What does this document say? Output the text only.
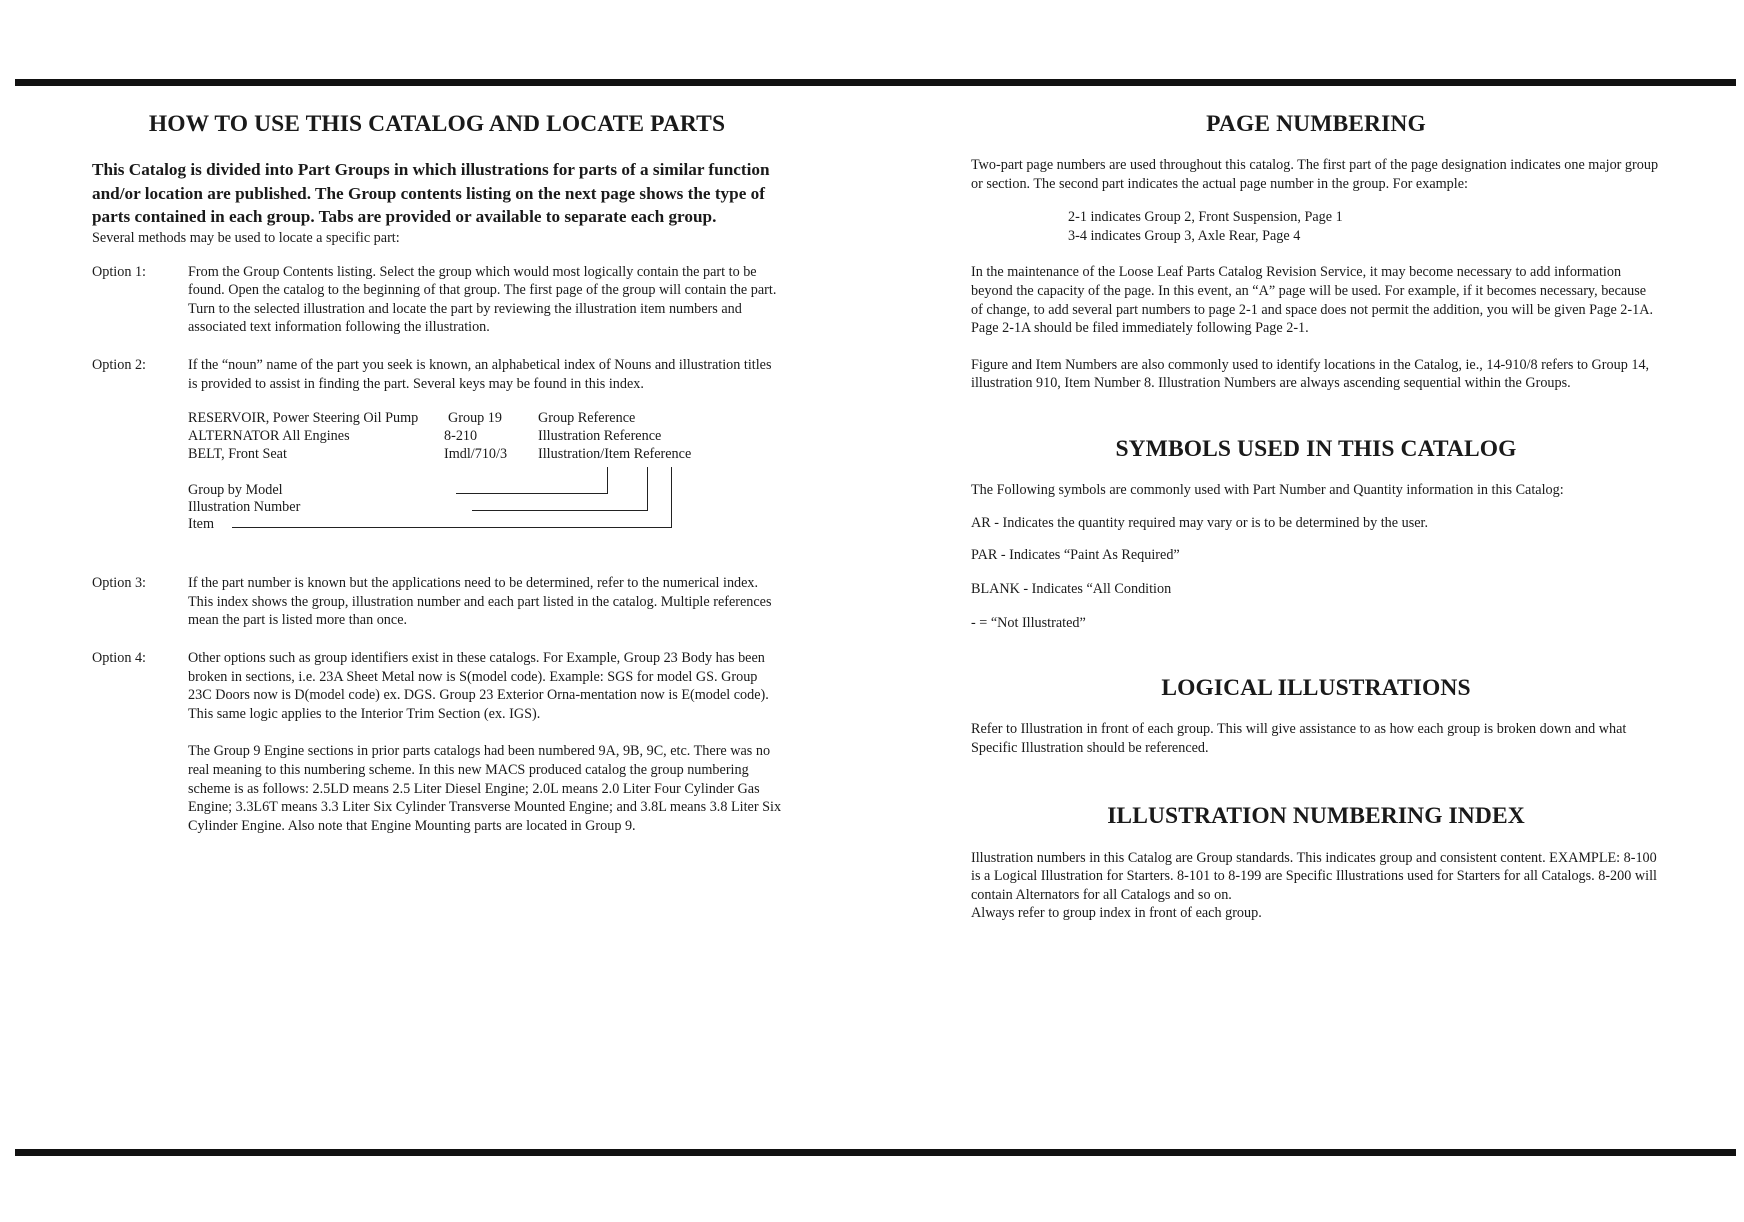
HOW TO USE THIS CATALOG AND LOCATE PARTS

This Catalog is divided into Part Groups in which illustrations for parts of a similar function and/or location are published. The Group contents listing on the next page shows the type of parts contained in each group. Tabs are provided or available to separate each group.

Several methods may be used to locate a specific part:

Option 1:	From the Group Contents listing. Select the group which would most logically contain the part to be found. Open the catalog to the beginning of that group. The first page of the group will contain the part. Turn to the selected illustration and locate the part by reviewing the illustration item numbers and associated text information following the illustration.
Option 2:	If the “noun” name of the part you seek is known, an alphabetical index of Nouns and illustration titles is provided to assist in finding the part. Several keys may be found in this index.
RESERVOIR, Power Steering Oil Pump Group 19	Group Reference
ALTERNATOR All Engines	8-210	Illustration Reference
BELT, Front Seat	Imdl/710/3 Illustration/Item Reference
Group by Model
Illustration Number
Item
Option 3:	If the part number is known but the applications need to be determined, refer to the numerical index. This index shows the group, illustration number and each part listed in the catalog. Multiple references mean the part is listed more than once.
Option 4:	Other options such as group identifiers exist in these catalogs. For Example, Group 23 Body has been broken in sections, i.e. 23A Sheet Metal now is S(model code). Example: SGS for model GS. Group 23C Doors now is D(model code) ex. DGS. Group 23 Exterior Orna-mentation now is E(model code). This same logic applies to the Interior Trim Section (ex. IGS).
The Group 9 Engine sections in prior parts catalogs had been numbered 9A, 9B, 9C, etc. There was no real meaning to this numbering scheme. In this new MACS produced catalog the group numbering scheme is as follows: 2.5LD means 2.5 Liter Diesel Engine; 2.0L means 2.0 Liter Four Cylinder Gas Engine; 3.3L6T means 3.3 Liter Six Cylinder Transverse Mounted Engine; and 3.8L means 3.8 Liter Six Cylinder Engine. Also note that Engine Mounting parts are located in Group 9.
PAGE NUMBERING

Two-part page numbers are used throughout this catalog. The first part of the page designation indicates one major group or section. The second part indicates the actual page number in the group. For example:

2-1 indicates Group 2, Front Suspension, Page 1
3-4 indicates Group 3, Axle Rear, Page 4

In the maintenance of the Loose Leaf Parts Catalog Revision Service, it may become necessary to add information beyond the capacity of the page. In this event, an “A” page will be used. For example, if it becomes necessary, because of change, to add several part numbers to page 2-1 and space does not permit the addition, you will be given Page 2-1A. Page 2-1A should be filed immediately following Page 2-1.

Figure and Item Numbers are also commonly used to identify locations in the Catalog, ie., 14-910/8 refers to Group 14, illustration 910, Item Number 8. Illustration Numbers are always ascending sequential within the Groups.

SYMBOLS USED IN THIS CATALOG

The Following symbols are commonly used with Part Number and Quantity information in this Catalog:

AR - Indicates the quantity required may vary or is to be determined by the user.

PAR - Indicates “Paint As Required”

BLANK - Indicates “All Condition

- = “Not Illustrated”

LOGICAL ILLUSTRATIONS

Refer to Illustration in front of each group. This will give assistance to as how each group is broken down and what Specific Illustration should be referenced.

ILLUSTRATION NUMBERING INDEX

Illustration numbers in this Catalog are Group standards. This indicates group and consistent content. EXAMPLE: 8-100 is a Logical Illustration for Starters. 8-101 to 8-199 are Specific Illustrations used for Starters for all Catalogs. 8-200 will contain Alternators for all Catalogs and so on.

Always refer to group index in front of each group.
